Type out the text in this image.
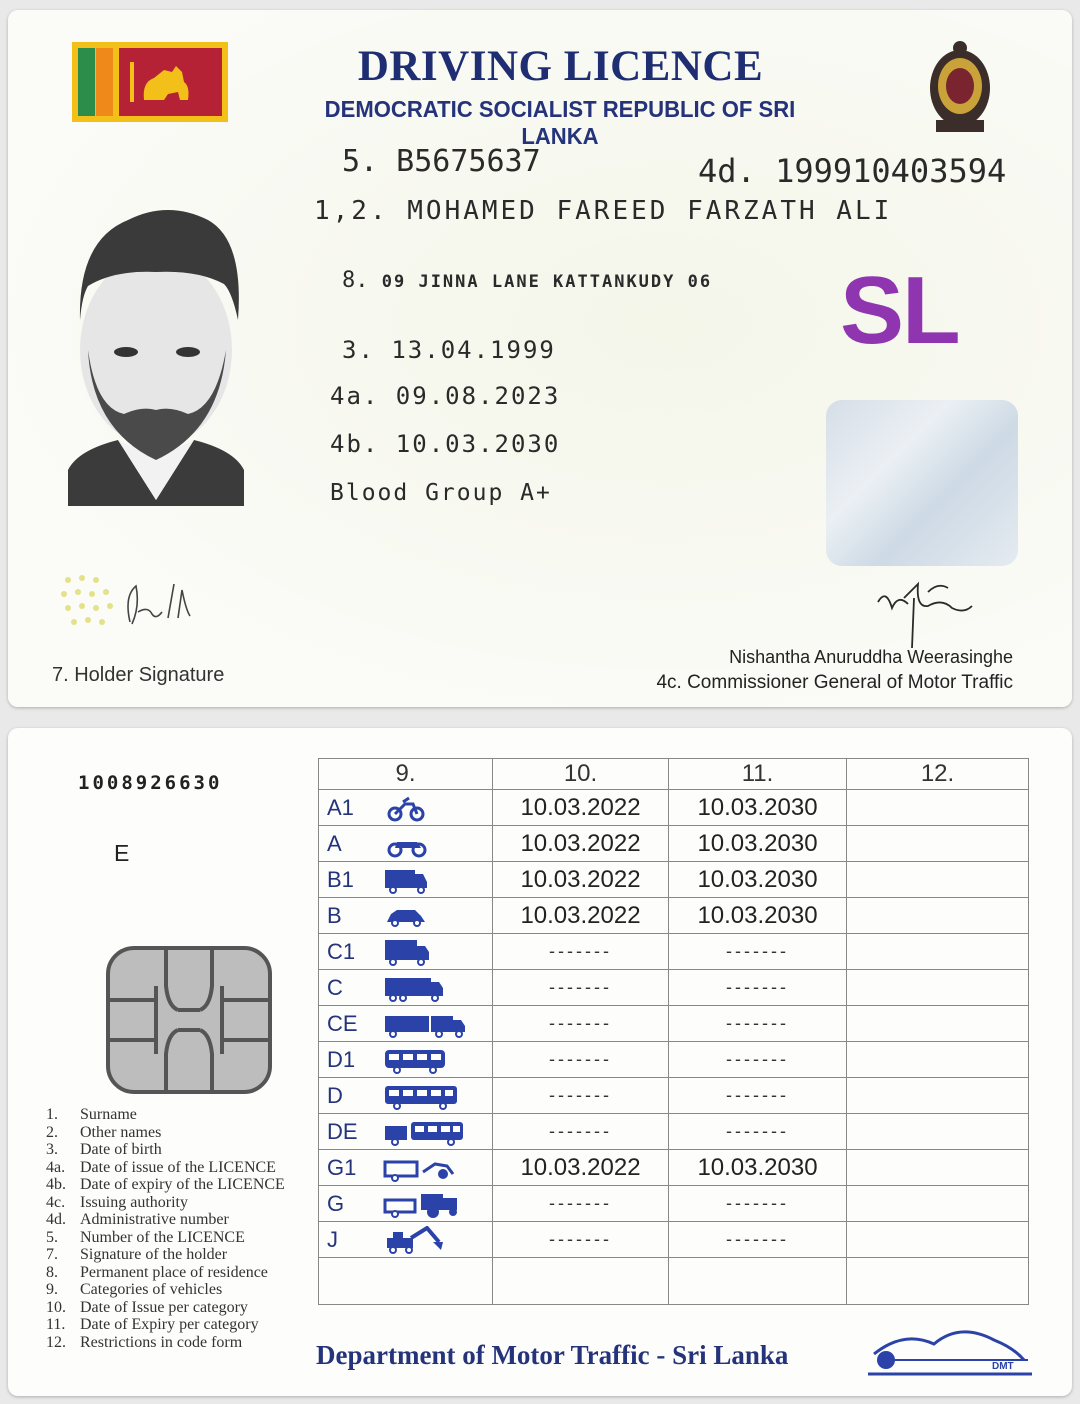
DRIVING LICENCE
DEMOCRATIC SOCIALIST REPUBLIC OF SRI LANKA
5. B5675637	4d. 199910403594
1,2. MOHAMED FAREED FARZATH ALI
8. 09 JINNA LANE KATTANKUDY 06
3. 13.04.1999
4a. 09.08.2023
4b. 10.03.2030
Blood Group A+
SL
7. Holder Signature
Nishantha Anuruddha Weerasinghe
4c. Commissioner General of Motor Traffic
1008926630
E
1.	Surname
2.	Other names
3.	Date of birth
4a. Date of issue of the LICENCE
4b. Date of expiry of the LICENCE
4c. Issuing authority
4d. Administrative number
5.	Number of the LICENCE
7.	Signature of the holder
8.	Permanent place of residence
9.	Categories of vehicles
10. Date of Issue per category
11. Date of Expiry per category
12. Restrictions in code form
9.	10.	11.	12.

A1	10.03.2022	10.03.2030	

A	10.03.2022	10.03.2030	

B1	10.03.2022	10.03.2030	

B	10.03.2022	10.03.2030	

C1	-------	-------	

C	-------	-------	

CE	-------	-------	

D1	-------	-------	

D	-------	-------	

DE	-------	-------	

G1	10.03.2022	10.03.2030	

G	-------	-------	

J	-------	-------	

Department of Motor Traffic - Sri Lanka	DMT
